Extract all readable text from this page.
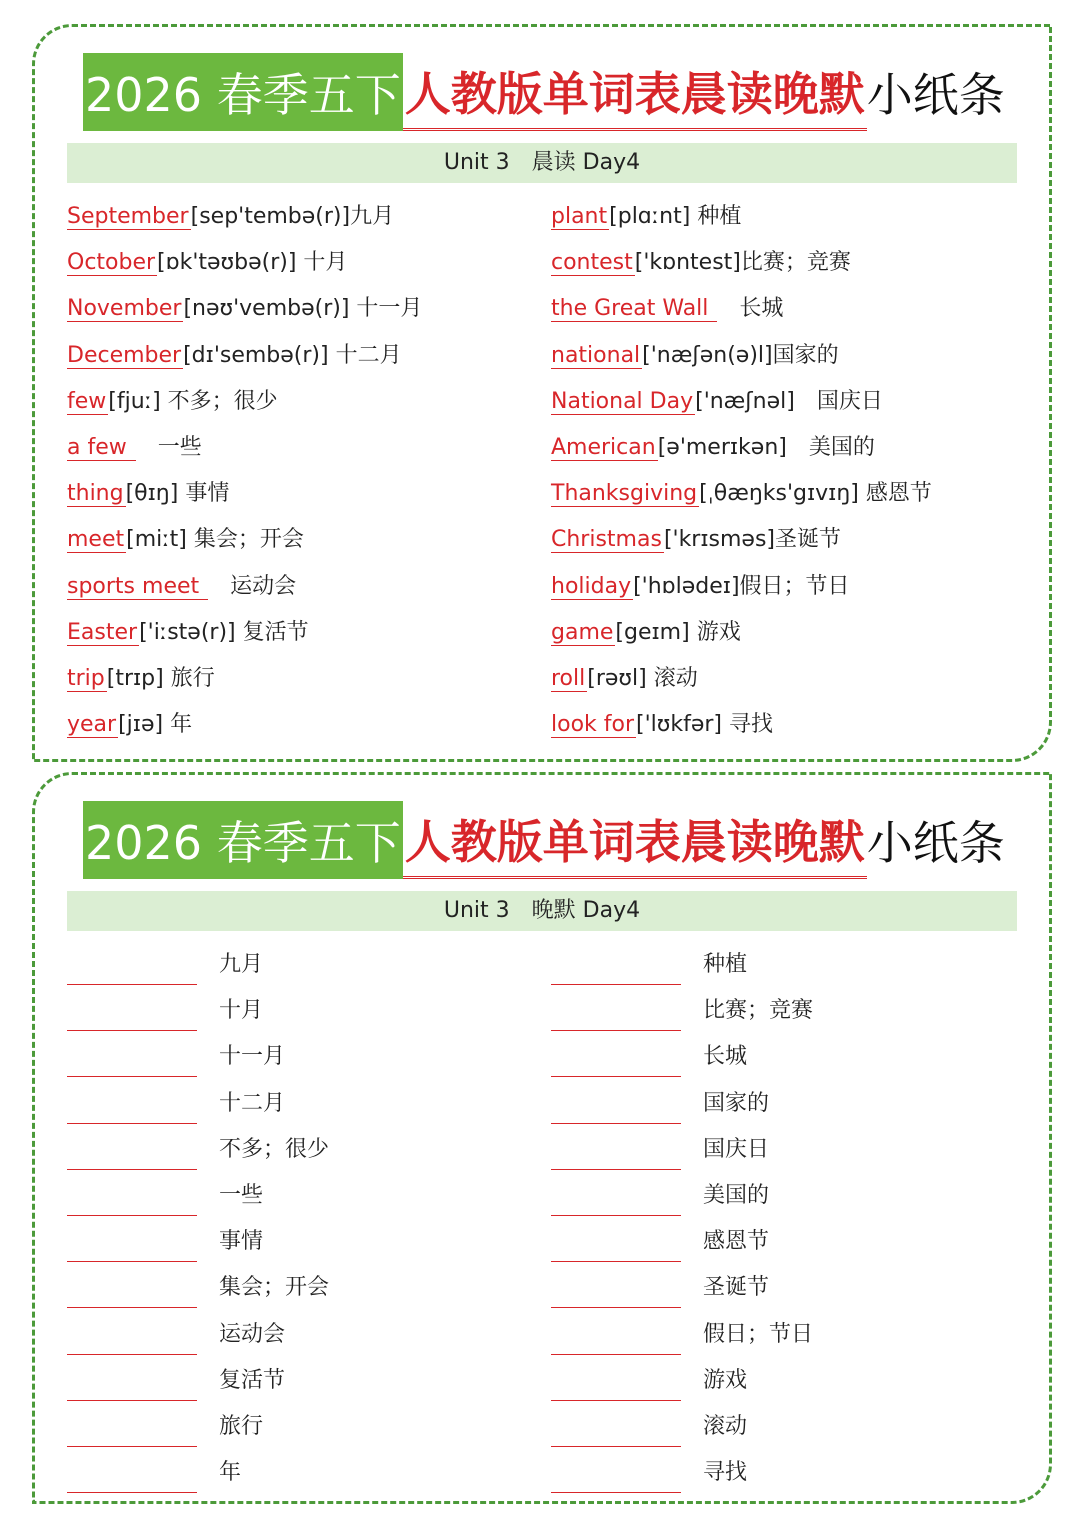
2026 春季五下 人教版单词表晨读晚默 小纸条
Unit 3　晨读 Day4
September[sep'tembə(r)]九月
October[ɒk'təʊbə(r)] 十月
November[nəʊ'vembə(r)] 十一月
December[dɪ'sembə(r)] 十二月
few[fjuː] 不多；很少
a few 　一些
thing[θɪŋ] 事情
meet[miːt] 集会；开会
sports meet 　运动会
Easter['iːstə(r)] 复活节
trip[trɪp] 旅行
year[jɪə] 年
plant[plɑːnt] 种植
contest['kɒntest]比赛；竞赛
the Great Wall 　长城
national['næʃən(ə)l]国家的
National Day['næʃnəl]　国庆日
American[ə'merɪkən]　美国的
Thanksgiving[ˌθæŋks'gɪvɪŋ] 感恩节
Christmas['krɪsməs]圣诞节
holiday['hɒlədeɪ]假日；节日
game[geɪm] 游戏
roll[rəʊl] 滚动
look for['lʊkfər] 寻找
2026 春季五下 人教版单词表晨读晚默 小纸条
Unit 3　晚默 Day4
九月
十月
十一月
十二月
不多；很少
一些
事情
集会；开会
运动会
复活节
旅行
年
种植
比赛；竞赛
长城
国家的
国庆日
美国的
感恩节
圣诞节
假日；节日
游戏
滚动
寻找
